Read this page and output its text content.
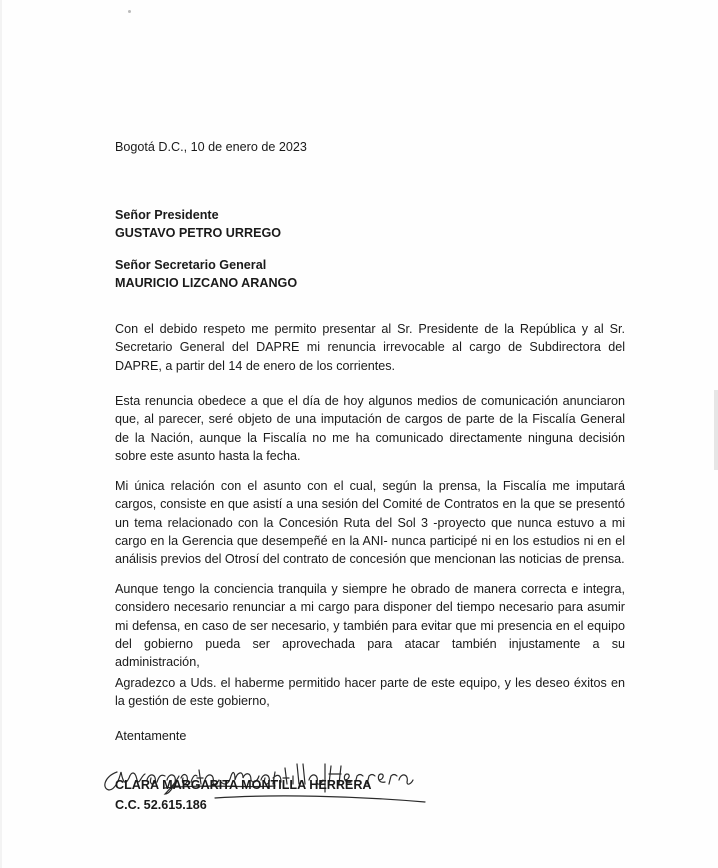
Bogotá D.C., 10 de enero de 2023
Señor Presidente
GUSTAVO PETRO URREGO
Señor Secretario General
MAURICIO LIZCANO ARANGO
Con el debido respeto me permito presentar al Sr. Presidente de la República y al Sr. Secretario General del DAPRE mi renuncia irrevocable al cargo de Subdirectora del DAPRE, a partir del 14 de enero de los corrientes.
Esta renuncia obedece a que el día de hoy algunos medios de comunicación anunciaron que, al parecer, seré objeto de una imputación de cargos de parte de la Fiscalía General de la Nación, aunque la Fiscalía no me ha comunicado directamente ninguna decisión sobre este asunto hasta la fecha.
Mi única relación con el asunto con el cual, según la prensa, la Fiscalía me imputará cargos, consiste en que asistí a una sesión del Comité de Contratos en la que se presentó un tema relacionado con la Concesión Ruta del Sol 3 -proyecto que nunca estuvo a mi cargo en la Gerencia que desempeñé en la ANI- nunca participé ni en los estudios ni en el análisis previos del Otrosí del contrato de concesión que mencionan las noticias de prensa.
Aunque tengo la conciencia tranquila y siempre he obrado de manera correcta e integra, considero necesario renunciar a mi cargo para disponer del tiempo necesario para asumir mi defensa, en caso de ser necesario, y también para evitar que mi presencia en el equipo del gobierno pueda ser aprovechada para atacar también injustamente a su administración,
Agradezco a Uds. el haberme permitido hacer parte de este equipo, y les deseo éxitos en la gestión de este gobierno,
Atentamente
CLARA MARGARITA MONTILLA HERRERA
C.C. 52.615.186
